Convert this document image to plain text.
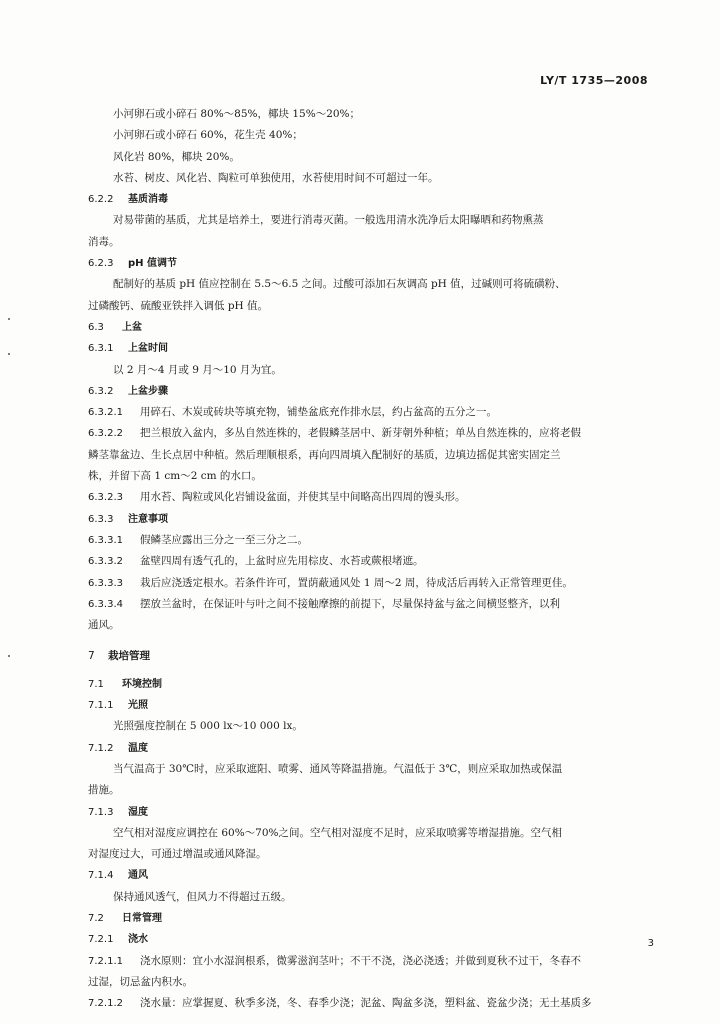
LY/T 1735—2008
小河卵石或小碎石 80%～85%，椰块 15%～20%；
小河卵石或小碎石 60%，花生壳 40%；
风化岩 80%，椰块 20%。
水苔、树皮、风化岩、陶粒可单独使用，水苔使用时间不可超过一年。
6.2.2 基质消毒
对易带菌的基质，尤其是培养土，要进行消毒灭菌。一般选用清水洗净后太阳曝晒和药物熏蒸
消毒。
6.2.3 pH 值调节
配制好的基质 pH 值应控制在 5.5～6.5 之间。过酸可添加石灰调高 pH 值，过碱则可将硫磺粉、
过磷酸钙、硫酸亚铁拌入调低 pH 值。
6.3 上盆
6.3.1 上盆时间
以 2 月～4 月或 9 月～10 月为宜。
6.3.2 上盆步骤
6.3.2.1 用碎石、木炭或砖块等填充物，铺垫盆底充作排水层，约占盆高的五分之一。
6.3.2.2 把兰根放入盆内，多丛自然连株的，老假鳞茎居中、新芽朝外种植；单丛自然连株的，应将老假
鳞茎靠盆边、生长点居中种植。然后理顺根系，再向四周填入配制好的基质，边填边摇促其密实固定兰
株，并留下高 1 cm～2 cm 的水口。
6.3.2.3 用水苔、陶粒或风化岩铺设盆面，并使其呈中间略高出四周的馒头形。
6.3.3 注意事项
6.3.3.1 假鳞茎应露出三分之一至三分之二。
6.3.3.2 盆壁四周有透气孔的，上盆时应先用棕皮、水苔或蕨根堵遮。
6.3.3.3 栽后应浇透定根水。若条件许可，置荫蔽通风处 1 周～2 周，待成活后再转入正常管理更佳。
6.3.3.4 摆放兰盆时，在保证叶与叶之间不接触摩擦的前提下，尽量保持盆与盆之间横竖整齐，以利
通风。
7 栽培管理
7.1 环境控制
7.1.1 光照
光照强度控制在 5 000 lx～10 000 lx。
7.1.2 温度
当气温高于 30℃时，应采取遮阳、喷雾、通风等降温措施。气温低于 3℃，则应采取加热或保温
措施。
7.1.3 湿度
空气相对湿度应调控在 60%～70%之间。空气相对湿度不足时，应采取喷雾等增湿措施。空气相
对湿度过大，可通过增温或通风降湿。
7.1.4 通风
保持通风透气，但风力不得超过五级。
7.2 日常管理
7.2.1 浇水
7.2.1.1 浇水原则：宜小水湿润根系，微雾滋润茎叶；不干不浇，浇必浇透；并做到夏秋不过干，冬春不
过湿，切忌盆内积水。
7.2.1.2 浇水量：应掌握夏、秋季多浇，冬、春季少浇；泥盆、陶盆多浇，塑料盆、瓷盆少浇；无土基质多
3
